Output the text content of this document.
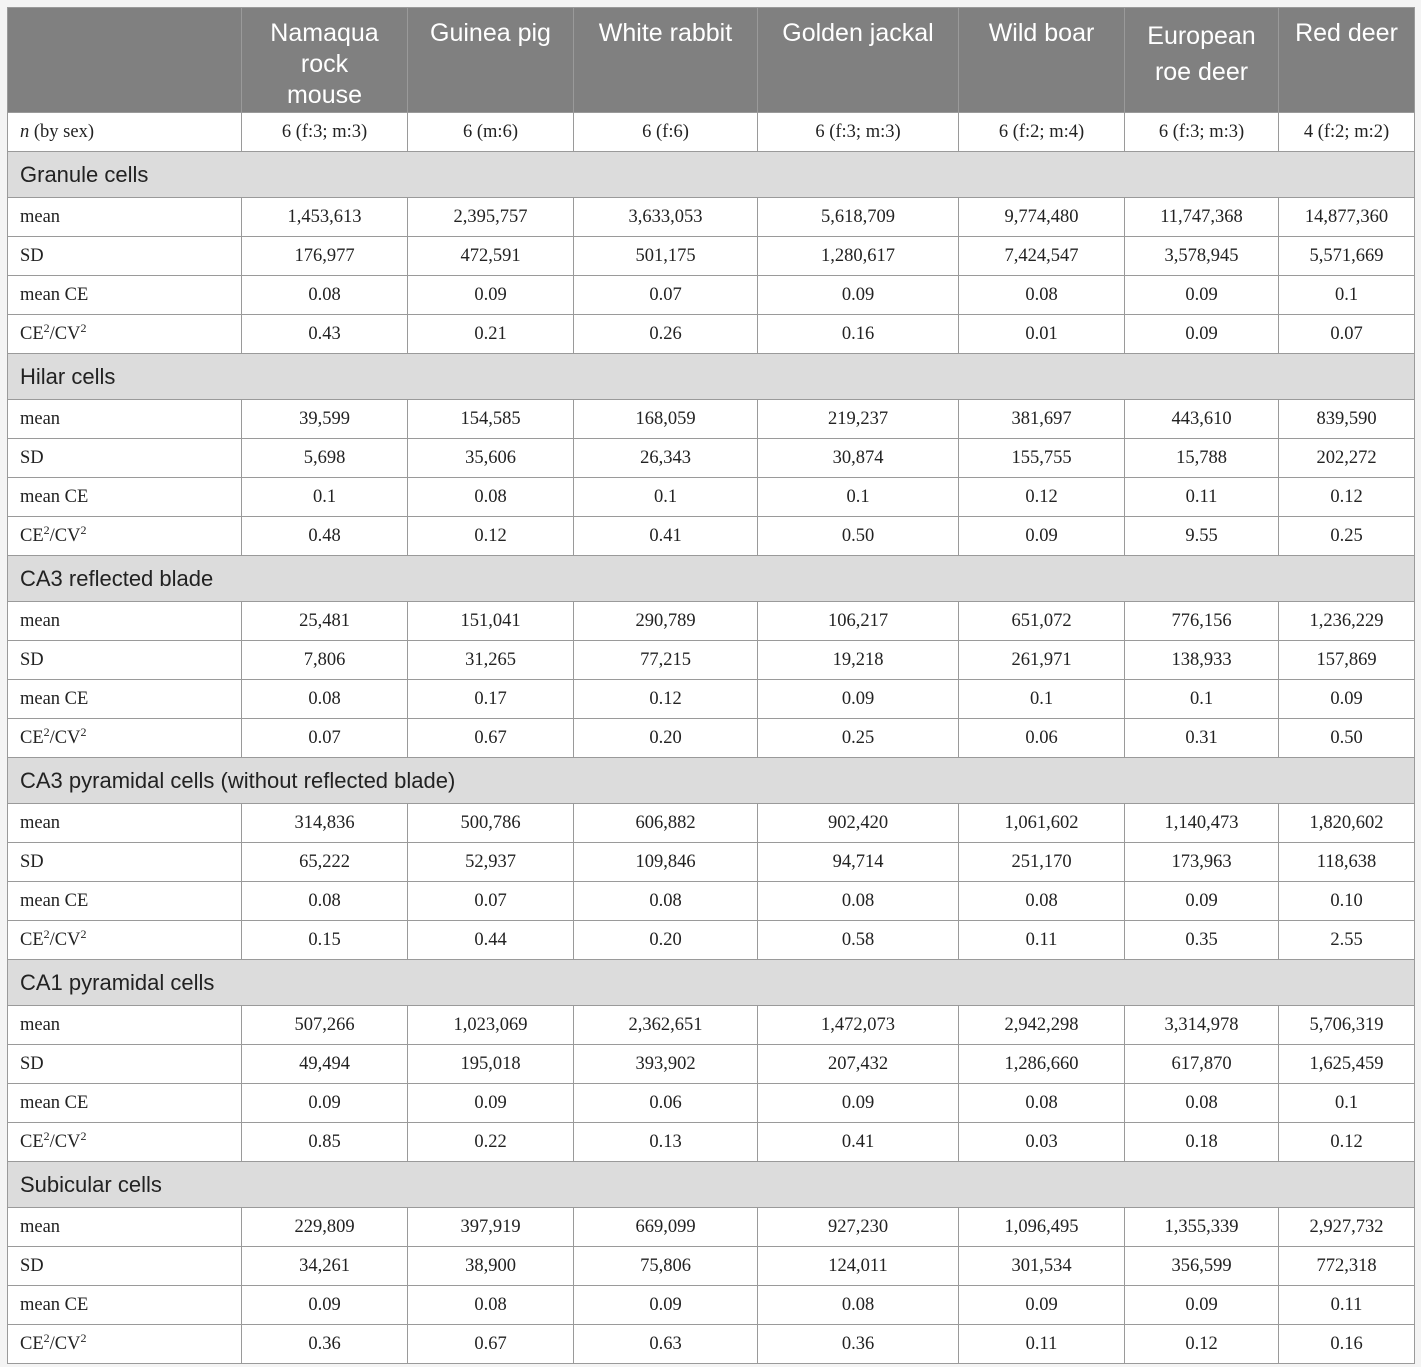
	Namaqua rock mouse	Guinea pig	White rabbit	Golden jackal	Wild boar	European roe deer	Red deer
n (by sex)	6 (f:3; m:3)	6 (m:6)	6 (f:6)	6 (f:3; m:3)	6 (f:2; m:4)	6 (f:3; m:3)	4 (f:2; m:2)
Granule cells							
mean	1,453,613	2,395,757	3,633,053	5,618,709	9,774,480	11,747,368	14,877,360
SD	176,977	472,591	501,175	1,280,617	7,424,547	3,578,945	5,571,669
mean CE	0.08	0.09	0.07	0.09	0.08	0.09	0.1
$CE^2/CV^2$	0.43	0.21	0.26	0.16	0.01	0.09	0.07
Hilar cells							
mean	39,599	154,585	168,059	219,237	381,697	443,610	839,590
SD	5,698	35,606	26,343	30,874	155,755	15,788	202,272
mean CE	0.1	0.08	0.1	0.1	0.12	0.11	0.12
$CE^2/CV^2$	0.48	0.12	0.41	0.50	0.09	9.55	0.25
CA3 reflected blade							
mean	25,481	151,041	290,789	106,217	651,072	776,156	1,236,229
SD	7,806	31,265	77,215	19,218	261,971	138,933	157,869
mean CE	0.08	0.17	0.12	0.09	0.1	0.1	0.09
$CE^2/CV^2$	0.07	0.67	0.20	0.25	0.06	0.31	0.50
CA3 pyramidal cells (without reflected blade)							
mean	314,836	500,786	606,882	902,420	1,061,602	1,140,473	1,820,602
SD	65,222	52,937	109,846	94,714	251,170	173,963	118,638
mean CE	0.08	0.07	0.08	0.08	0.08	0.09	0.10
$CE^2/CV^2$	0.15	0.44	0.20	0.58	0.11	0.35	2.55
CA1 pyramidal cells							
mean	507,266	1,023,069	2,362,651	1,472,073	2,942,298	3,314,978	5,706,319
SD	49,494	195,018	393,902	207,432	1,286,660	617,870	1,625,459
mean CE	0.09	0.09	0.06	0.09	0.08	0.08	0.1
$CE^2/CV^2$	0.85	0.22	0.13	0.41	0.03	0.18	0.12
Subicular cells							
mean	229,809	397,919	669,099	927,230	1,096,495	1,355,339	2,927,732
SD	34,261	38,900	75,806	124,011	301,534	356,599	772,318
mean CE	0.09	0.08	0.09	0.08	0.09	0.09	0.11
$CE^2/CV^2$	0.36	0.67	0.63	0.36	0.11	0.12	0.16
